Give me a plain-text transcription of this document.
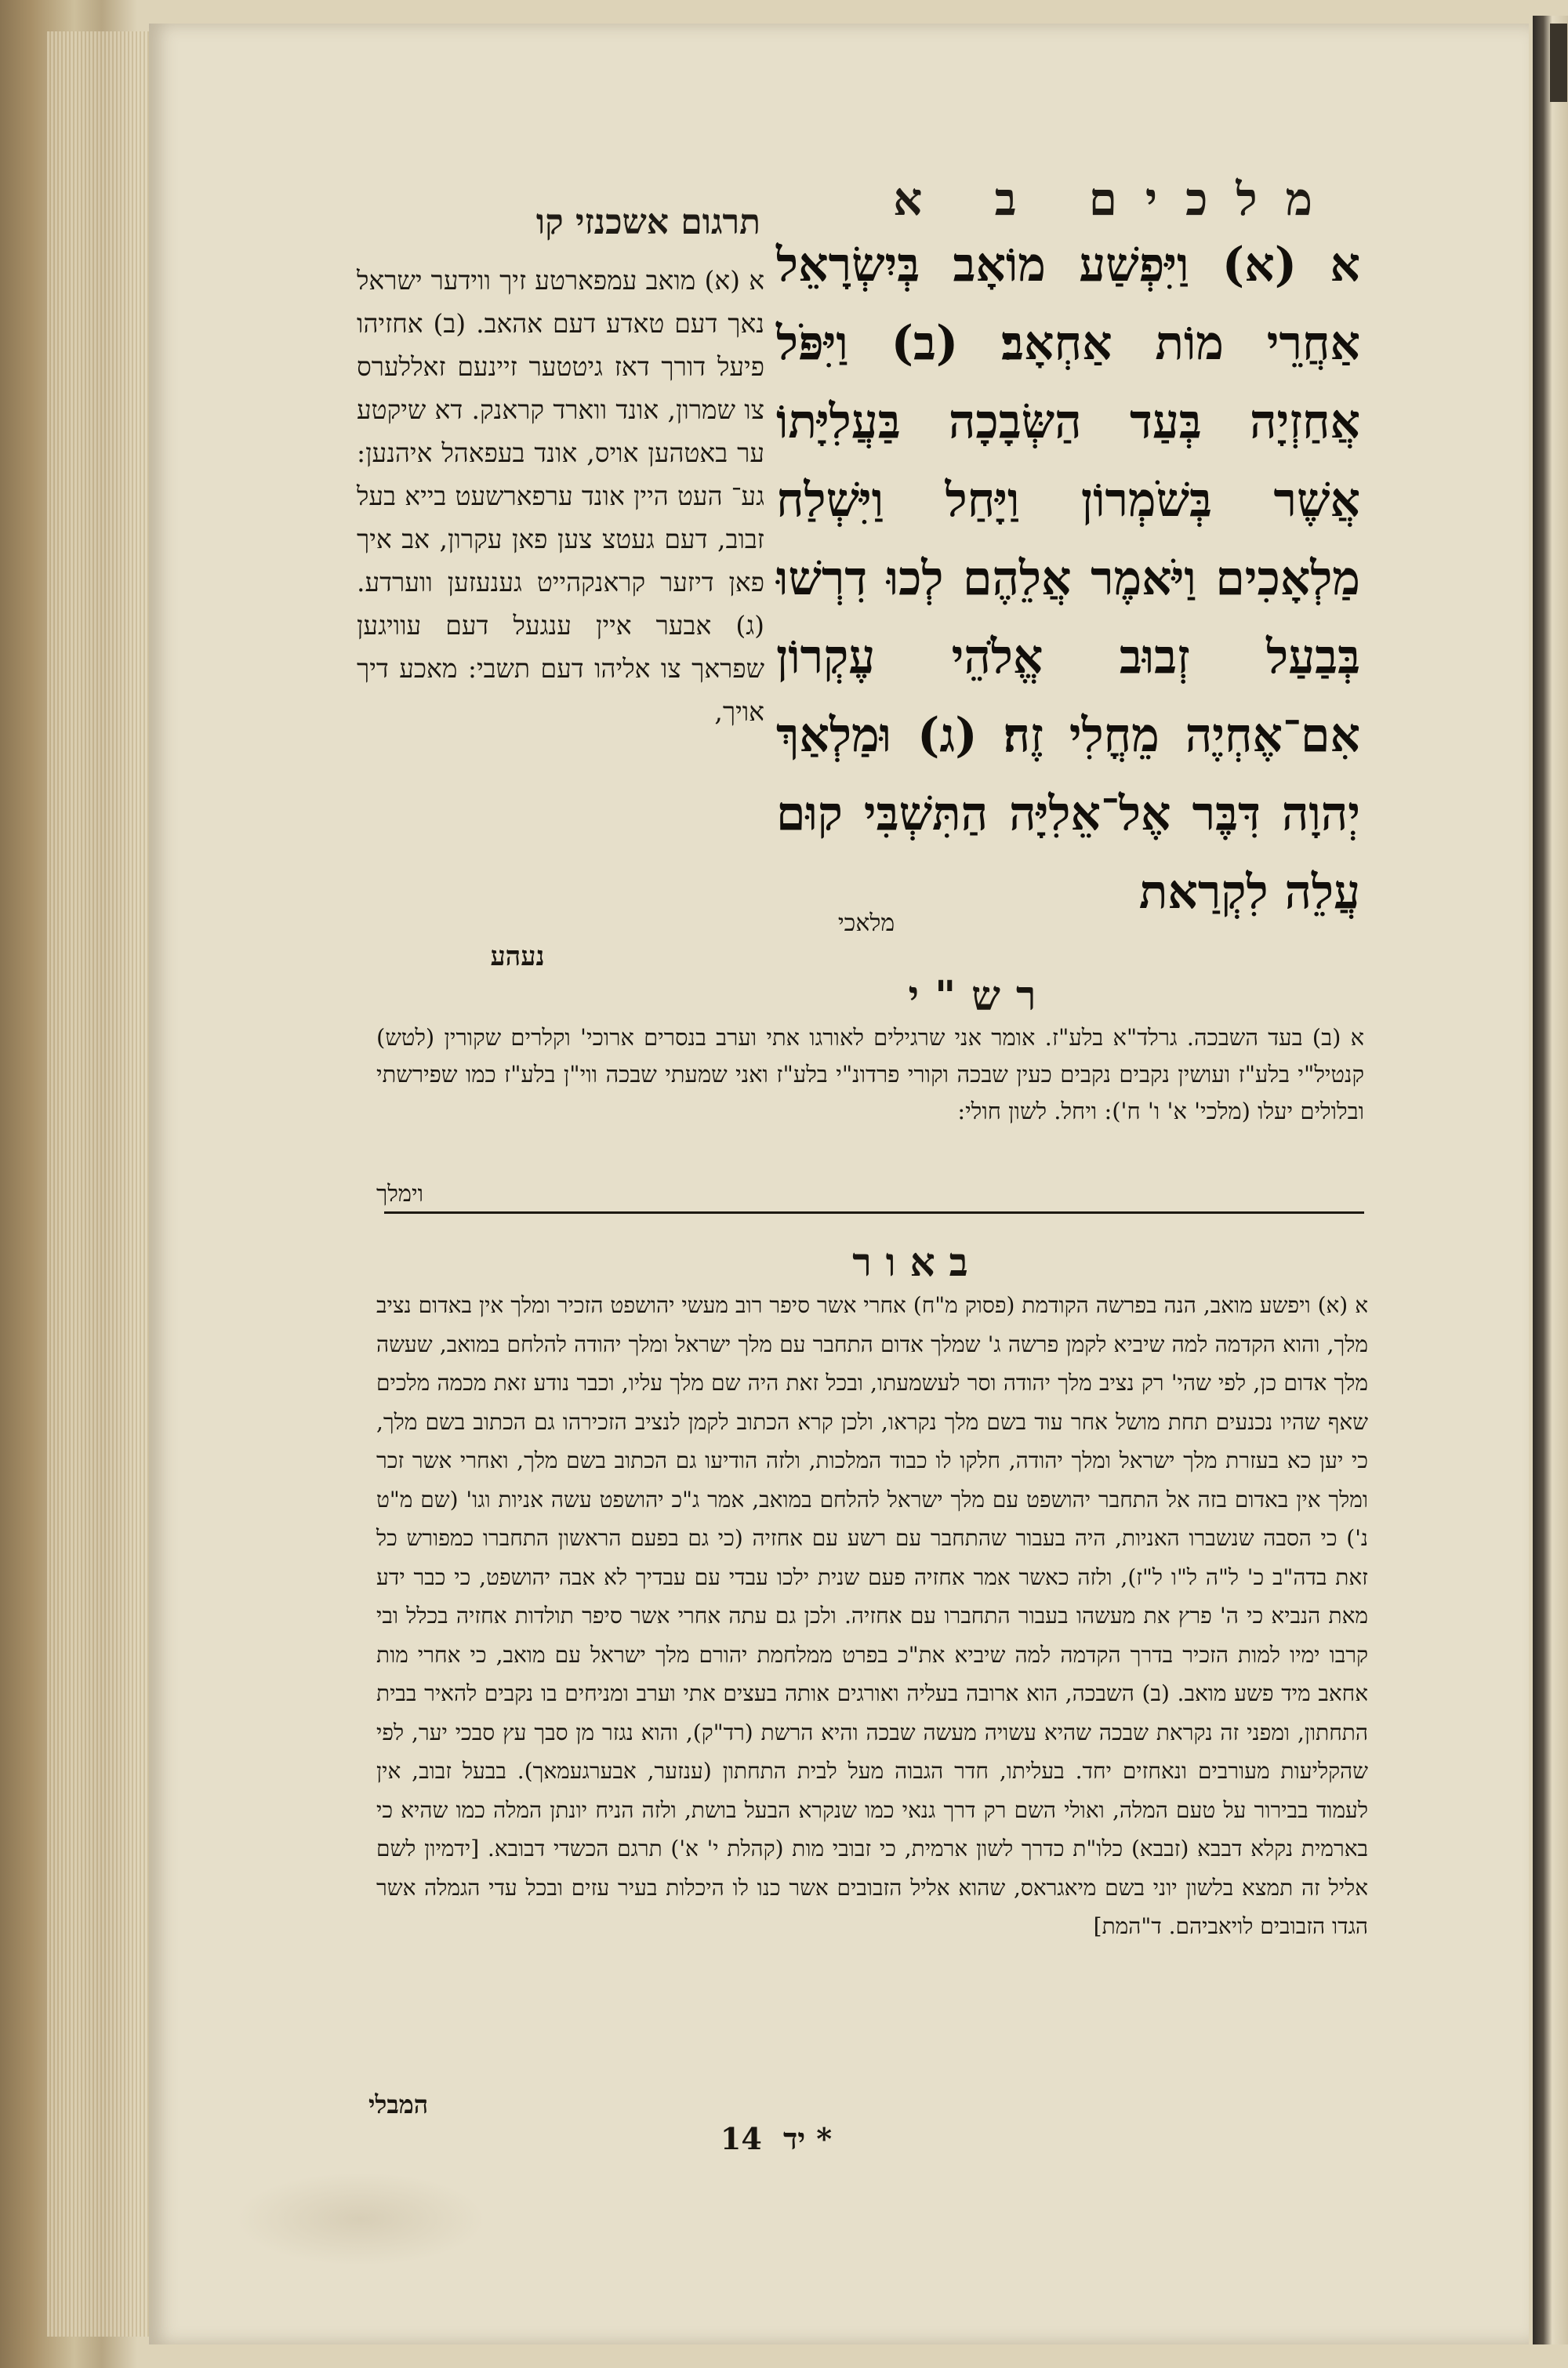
מלכים ב א
תרגום אשכנזי קו
א (א) וַיִּפְשַׁע מוֹאָב בְּיִשְׂרָאֵל אַחֲרֵי מוֹת אַחְאָב׃ (ב) וַיִּפֹּל אֲחַזְיָה בְּעַד הַשְּׂבָכָה בַּעֲלִיָּתוֹ אֲשֶׁר בְּשֹׁמְרוֹן וַיָּחַל וַיִּשְׁלַח מַלְאָכִים וַיֹּאמֶר אֲלֵהֶם לְכוּ דִרְשׁוּ בְּבַעַל זְבוּב אֱלֹהֵי עֶקְרוֹן אִם־אֶחְיֶה מֵחֳלִי זֶה׃ (ג) וּמַלְאַךְ יְהוָה דִּבֶּר אֶל־אֵלִיָּה הַתִּשְׁבִּי קוּם עֲלֵה לִקְרַאת
מלאכי
א (א) מואב עמפארטע זיך ווידער ישראל נאך דעם טאדע דעם אהאב. (ב) אחזיהו פיעל דורך דאז גיטטער זיינעם זאללערס צו שמרון, אונד ווארד קראנק. דא שיקטע ער באטהען אויס, אונד בעפאהל איהנען: גע־ העט היין אונד ערפארשעט בייא בעל זבוב, דעם געטצ צען פאן עקרון, אב איך פאן דיזער קראנקהייט גענעזען ווערדע. (ג) אבער איין ענגעל דעם עוויגען שפראך צו אליהו דעם תשבי: מאכע דיך אויך,
נעהע
רש"י
א (ב) בעד השבכה. גרלד"א בלע"ז. אומר אני שרגילים לאורגו אתי וערב בנסרים ארוכי' וקלרים שקורין (לטש) קנטיל"י בלע"ז ועושין נקבים נקבים כעין שבכה וקורי פרדונ"י בלע"ז ואני שמעתי שבכה ווי"ן בלע"ז כמו שפירשתי ובלולים יעלו (מלכי' א' ו' ח'): ויחל. לשון חולי:
וימלך
באור
א (א) ויפשע מואב, הנה בפרשה הקודמת (פסוק מ"ח) אחרי אשר סיפר רוב מעשי יהושפט הזכיר ומלך אין באדום נציב מלך, והוא הקדמה למה שיביא לקמן פרשה ג' שמלך אדום התחבר עם מלך ישראל ומלך יהודה להלחם במואב, שעשה מלך אדום כן, לפי שהי' רק נציב מלך יהודה וסר לעשמעתו, ובכל זאת היה שם מלך עליו, וכבר נודע זאת מכמה מלכים שאף שהיו נכנעים תחת מושל אחר עוד בשם מלך נקראו, ולכן קרא הכתוב לקמן לנציב הזכירהו גם הכתוב בשם מלך, כי יען כא בעזרת מלך ישראל ומלך יהודה, חלקו לו כבוד המלכות, ולזה הודיעו גם הכתוב בשם מלך, ואחרי אשר זכר ומלך אין באדום בזה אל התחבר יהושפט עם מלך ישראל להלחם במואב, אמר ג"כ יהושפט עשה אניות וגו' (שם מ"ט נ') כי הסבה שנשברו האניות, היה בעבור שהתחבר עם רשע עם אחזיה (כי גם בפעם הראשון התחברו כמפורש כל זאת בדה"ב כ' ל"ה ל"ו ל"ז), ולזה כאשר אמר אחזיה פעם שנית ילכו עבדי עם עבדיך לא אבה יהושפט, כי כבר ידע מאת הנביא כי ה' פרץ את מעשהו בעבור התחברו עם אחזיה. ולכן גם עתה אחרי אשר סיפר תולדות אחזיה בכלל ובי קרבו ימיו למות הזכיר בדרך הקדמה למה שיביא את"כ בפרט ממלחמת יהורם מלך ישראל עם מואב, כי אחרי מות אחאב מיד פשע מואב. (ב) השבכה, הוא ארובה בעליה ואורגים אותה בעצים אתי וערב ומניחים בו נקבים להאיר בבית התחתון, ומפני זה נקראת שבכה שהיא עשויה מעשה שבכה והיא הרשת (רד"ק), והוא נגזר מן סבך עץ סבכי יער, לפי שהקליעות מעורבים ונאחזים יחד. בעליתו, חדר הגבוה מעל לבית התחתון (ענזער, אבערגעמאך). בבעל זבוב, אין לעמוד בבירור על טעם המלה, ואולי השם רק דרך גנאי כמו שנקרא הבעל בושת, ולזה הניח יונתן המלה כמו שהיא כי בארמית נקלא דבבא (זבבא) כלו"ת כדרך לשון ארמית, כי זבובי מות (קהלת י' א') תרגם הכשדי דבובא. [ידמיון לשם אליל זה תמצא בלשון יוני בשם מיאגראס, שהוא אליל הזבובים אשר כנו לו היכלות בעיר עזים ובכל עדי הגמלה אשר הגדו הזבובים לויאביהם. ד"המת]
המבלי
יד 14*
